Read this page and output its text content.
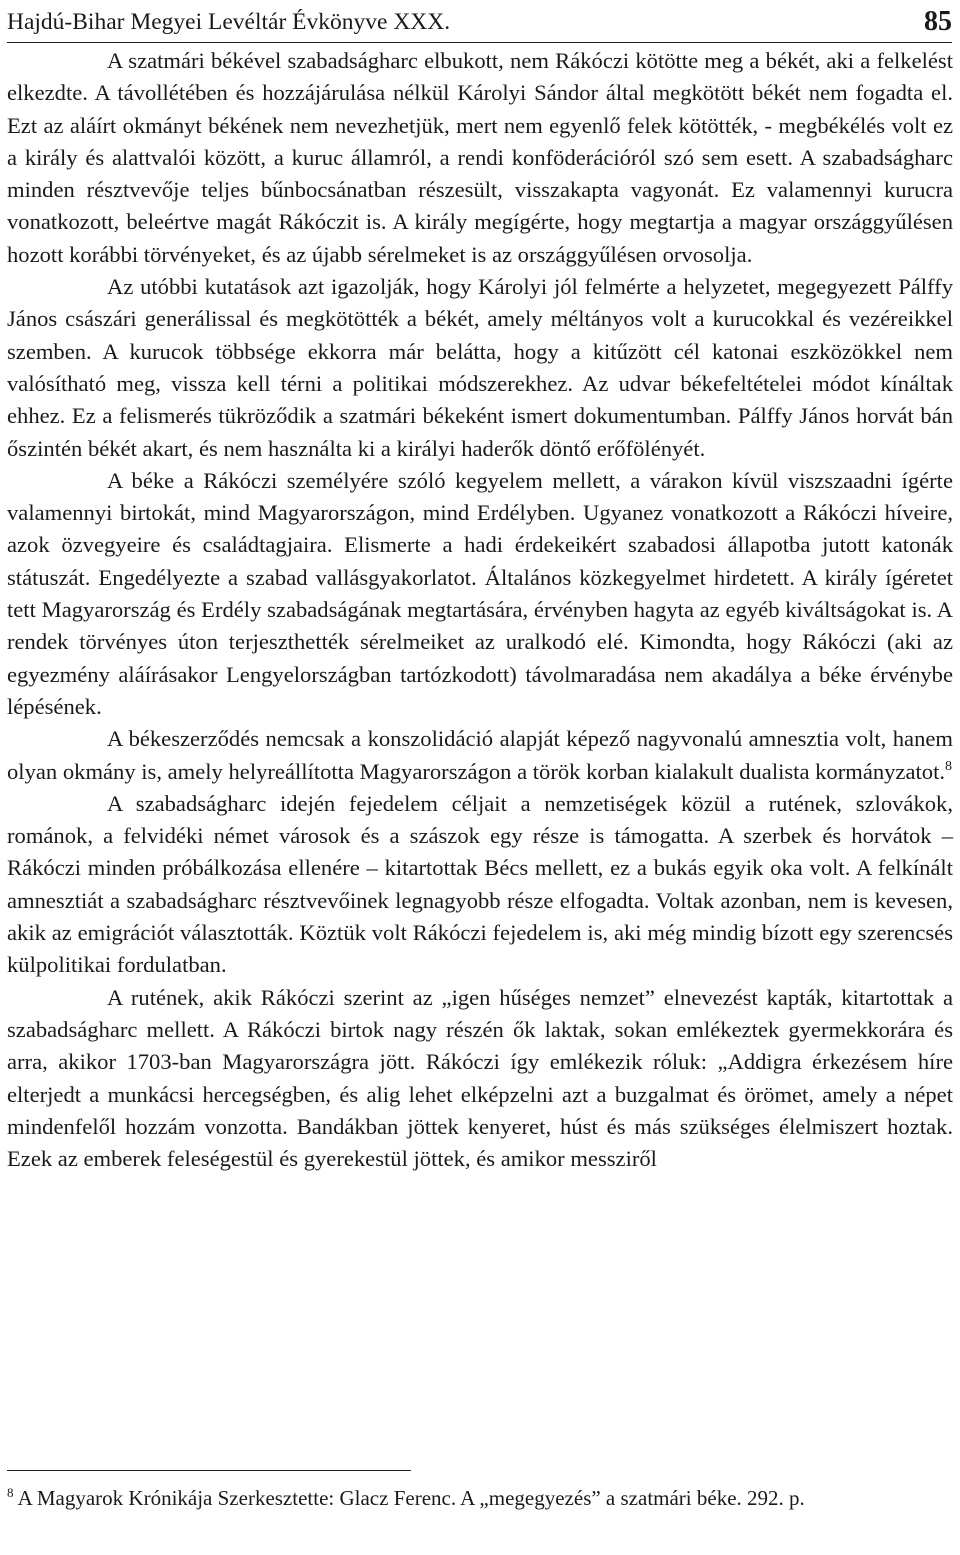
Hajdú-Bihar Megyei Levéltár Évkönyve XXX.	85

A szatmári békével szabadságharc elbukott, nem Rákóczi kötötte meg a békét, aki a felkelést elkezdte. A távollétében és hozzájárulása nélkül Károlyi Sándor által megkötött békét nem fogadta el. Ezt az aláírt okmányt békének nem nevezhetjük, mert nem egyenlő felek kötötték, - megbékélés volt ez a király és alattvalói között, a kuruc államról, a rendi konföderációról szó sem esett. A szabadságharc minden résztvevője teljes bűnbocsánatban részesült, visszakapta vagyonát. Ez valamennyi kurucra vonatkozott, beleértve magát Rákóczit is. A király megígérte, hogy megtartja a magyar országgyűlésen hozott korábbi törvényeket, és az újabb sérelmeket is az országgyűlésen orvosolja.

Az utóbbi kutatások azt igazolják, hogy Károlyi jól felmérte a helyzetet, megegyezett Pálffy János császári generálissal és megkötötték a békét, amely méltányos volt a kurucokkal és vezéreikkel szemben. A kurucok többsége ekkorra már belátta, hogy a kitűzött cél katonai eszközökkel nem valósítható meg, vissza kell térni a politikai módszerekhez. Az udvar békefeltételei módot kínáltak ehhez. Ez a felismerés tükröződik a szatmári békeként ismert dokumentumban. Pálffy János horvát bán őszintén békét akart, és nem használta ki a királyi haderők döntő erőfölényét.

A béke a Rákóczi személyére szóló kegyelem mellett, a várakon kívül viszszaadni ígérte valamennyi birtokát, mind Magyarországon, mind Erdélyben. Ugyanez vonatkozott a Rákóczi híveire, azok özvegyeire és családtagjaira. Elismerte a hadi érdekeikért szabadosi állapotba jutott katonák státuszát. Engedélyezte a szabad vallásgyakorlatot. Általános közkegyelmet hirdetett. A király ígéretet tett Magyarország és Erdély szabadságának megtartására, érvényben hagyta az egyéb kiváltságokat is. A rendek törvényes úton terjeszthették sérelmeiket az uralkodó elé. Kimondta, hogy Rákóczi (aki az egyezmény aláírásakor Lengyelországban tartózkodott) távolmaradása nem akadálya a béke érvénybe lépésének.

A békeszerződés nemcsak a konszolidáció alapját képező nagyvonalú amnesztia volt, hanem olyan okmány is, amely helyreállította Magyarországon a török korban kialakult dualista kormányzatot.$^8$

A szabadságharc idején fejedelem céljait a nemzetiségek közül a rutének, szlovákok, románok, a felvidéki német városok és a szászok egy része is támogatta. A szerbek és horvátok – Rákóczi minden próbálkozása ellenére – kitartottak Bécs mellett, ez a bukás egyik oka volt. A felkínált amnesztiát a szabadságharc résztvevőinek legnagyobb része elfogadta. Voltak azonban, nem is kevesen, akik az emigrációt választották. Köztük volt Rákóczi fejedelem is, aki még mindig bízott egy szerencsés külpolitikai fordulatban.

A rutének, akik Rákóczi szerint az „igen hűséges nemzet” elnevezést kapták, kitartottak a szabadságharc mellett. A Rákóczi birtok nagy részén ők laktak, sokan emlékeztek gyermekkorára és arra, akikor 1703-ban Magyarországra jött. Rákóczi így emlékezik róluk: „Addigra érkezésem híre elterjedt a munkácsi hercegségben, és alig lehet elképzelni azt a buzgalmat és örömet, amely a népet mindenfelől hozzám vonzotta. Bandákban jöttek kenyeret, húst és más szükséges élelmiszert hoztak. Ezek az emberek feleségestül és gyerekestül jöttek, és amikor messziről

$^8$ A Magyarok Krónikája Szerkesztette: Glacz Ferenc. A „megegyezés” a szatmári béke. 292. p.
